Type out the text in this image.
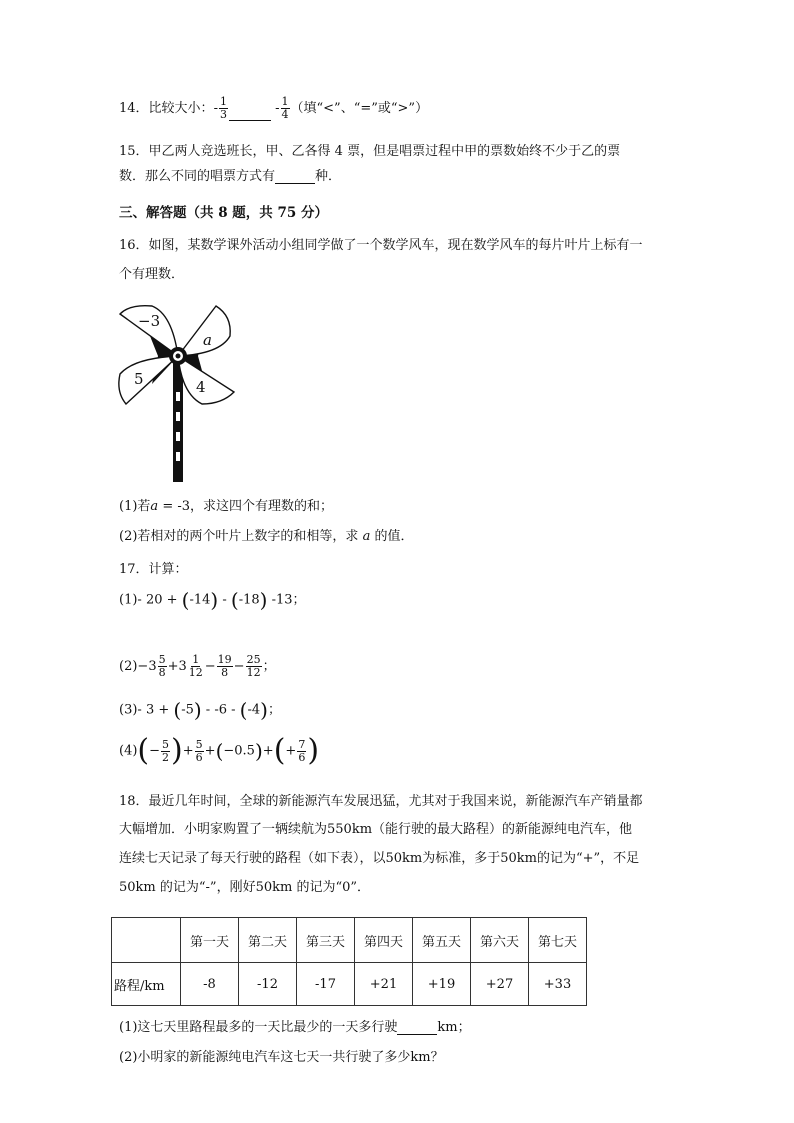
14．比较大小：- $\frac{1}{3}$	- $\frac{1}{4}$ （填“<”、“=”或“>”）
15．甲乙两人竞选班长，甲、乙各得 4 票，但是唱票过程中甲的票数始终不少于乙的票
数．那么不同的唱票方式有	种．
三、解答题（共 8 题，共 75 分）
16．如图，某数学课外活动小组同学做了一个数学风车，现在数学风车的每片叶片上标有一
个有理数．
−3
a
5	4
(1)若a = -3，求这四个有理数的和；
(2)若相对的两个叶片上数字的和相等，求 a 的值．
17．计算：
(1)- 20 + (-14) - (-18) -13；
$(2)-3 \frac{5}{8} +3 \frac{1}{12} - \frac{19}{8} - \frac{25}{12}$ ；
(3)- 3 + (-5) - -6 - (-4)；
$(4)(- \frac{5}{2}$ )+ $\frac{5}{6} +(-0.5)+(+ \frac{7}{6}$ )
18．最近几年时间，全球的新能源汽车发展迅猛，尤其对于我国来说，新能源汽车产销量都
大幅增加．小明家购置了一辆续航为550km（能行驶的最大路程）的新能源纯电汽车，他
连续七天记录了每天行驶的路程（如下表），以50km为标准，多于50km的记为“+”，不足
50km 的记为“-”，刚好50km 的记为“0”．
	第一天	第二天	第三天	第四天	第五天	第六天	第七天
路程/km	-8	-12	-17	+21	+19	+27	+33
(1)这七天里路程最多的一天比最少的一天多行驶	km；
(2)小明家的新能源纯电汽车这七天一共行驶了多少km？
